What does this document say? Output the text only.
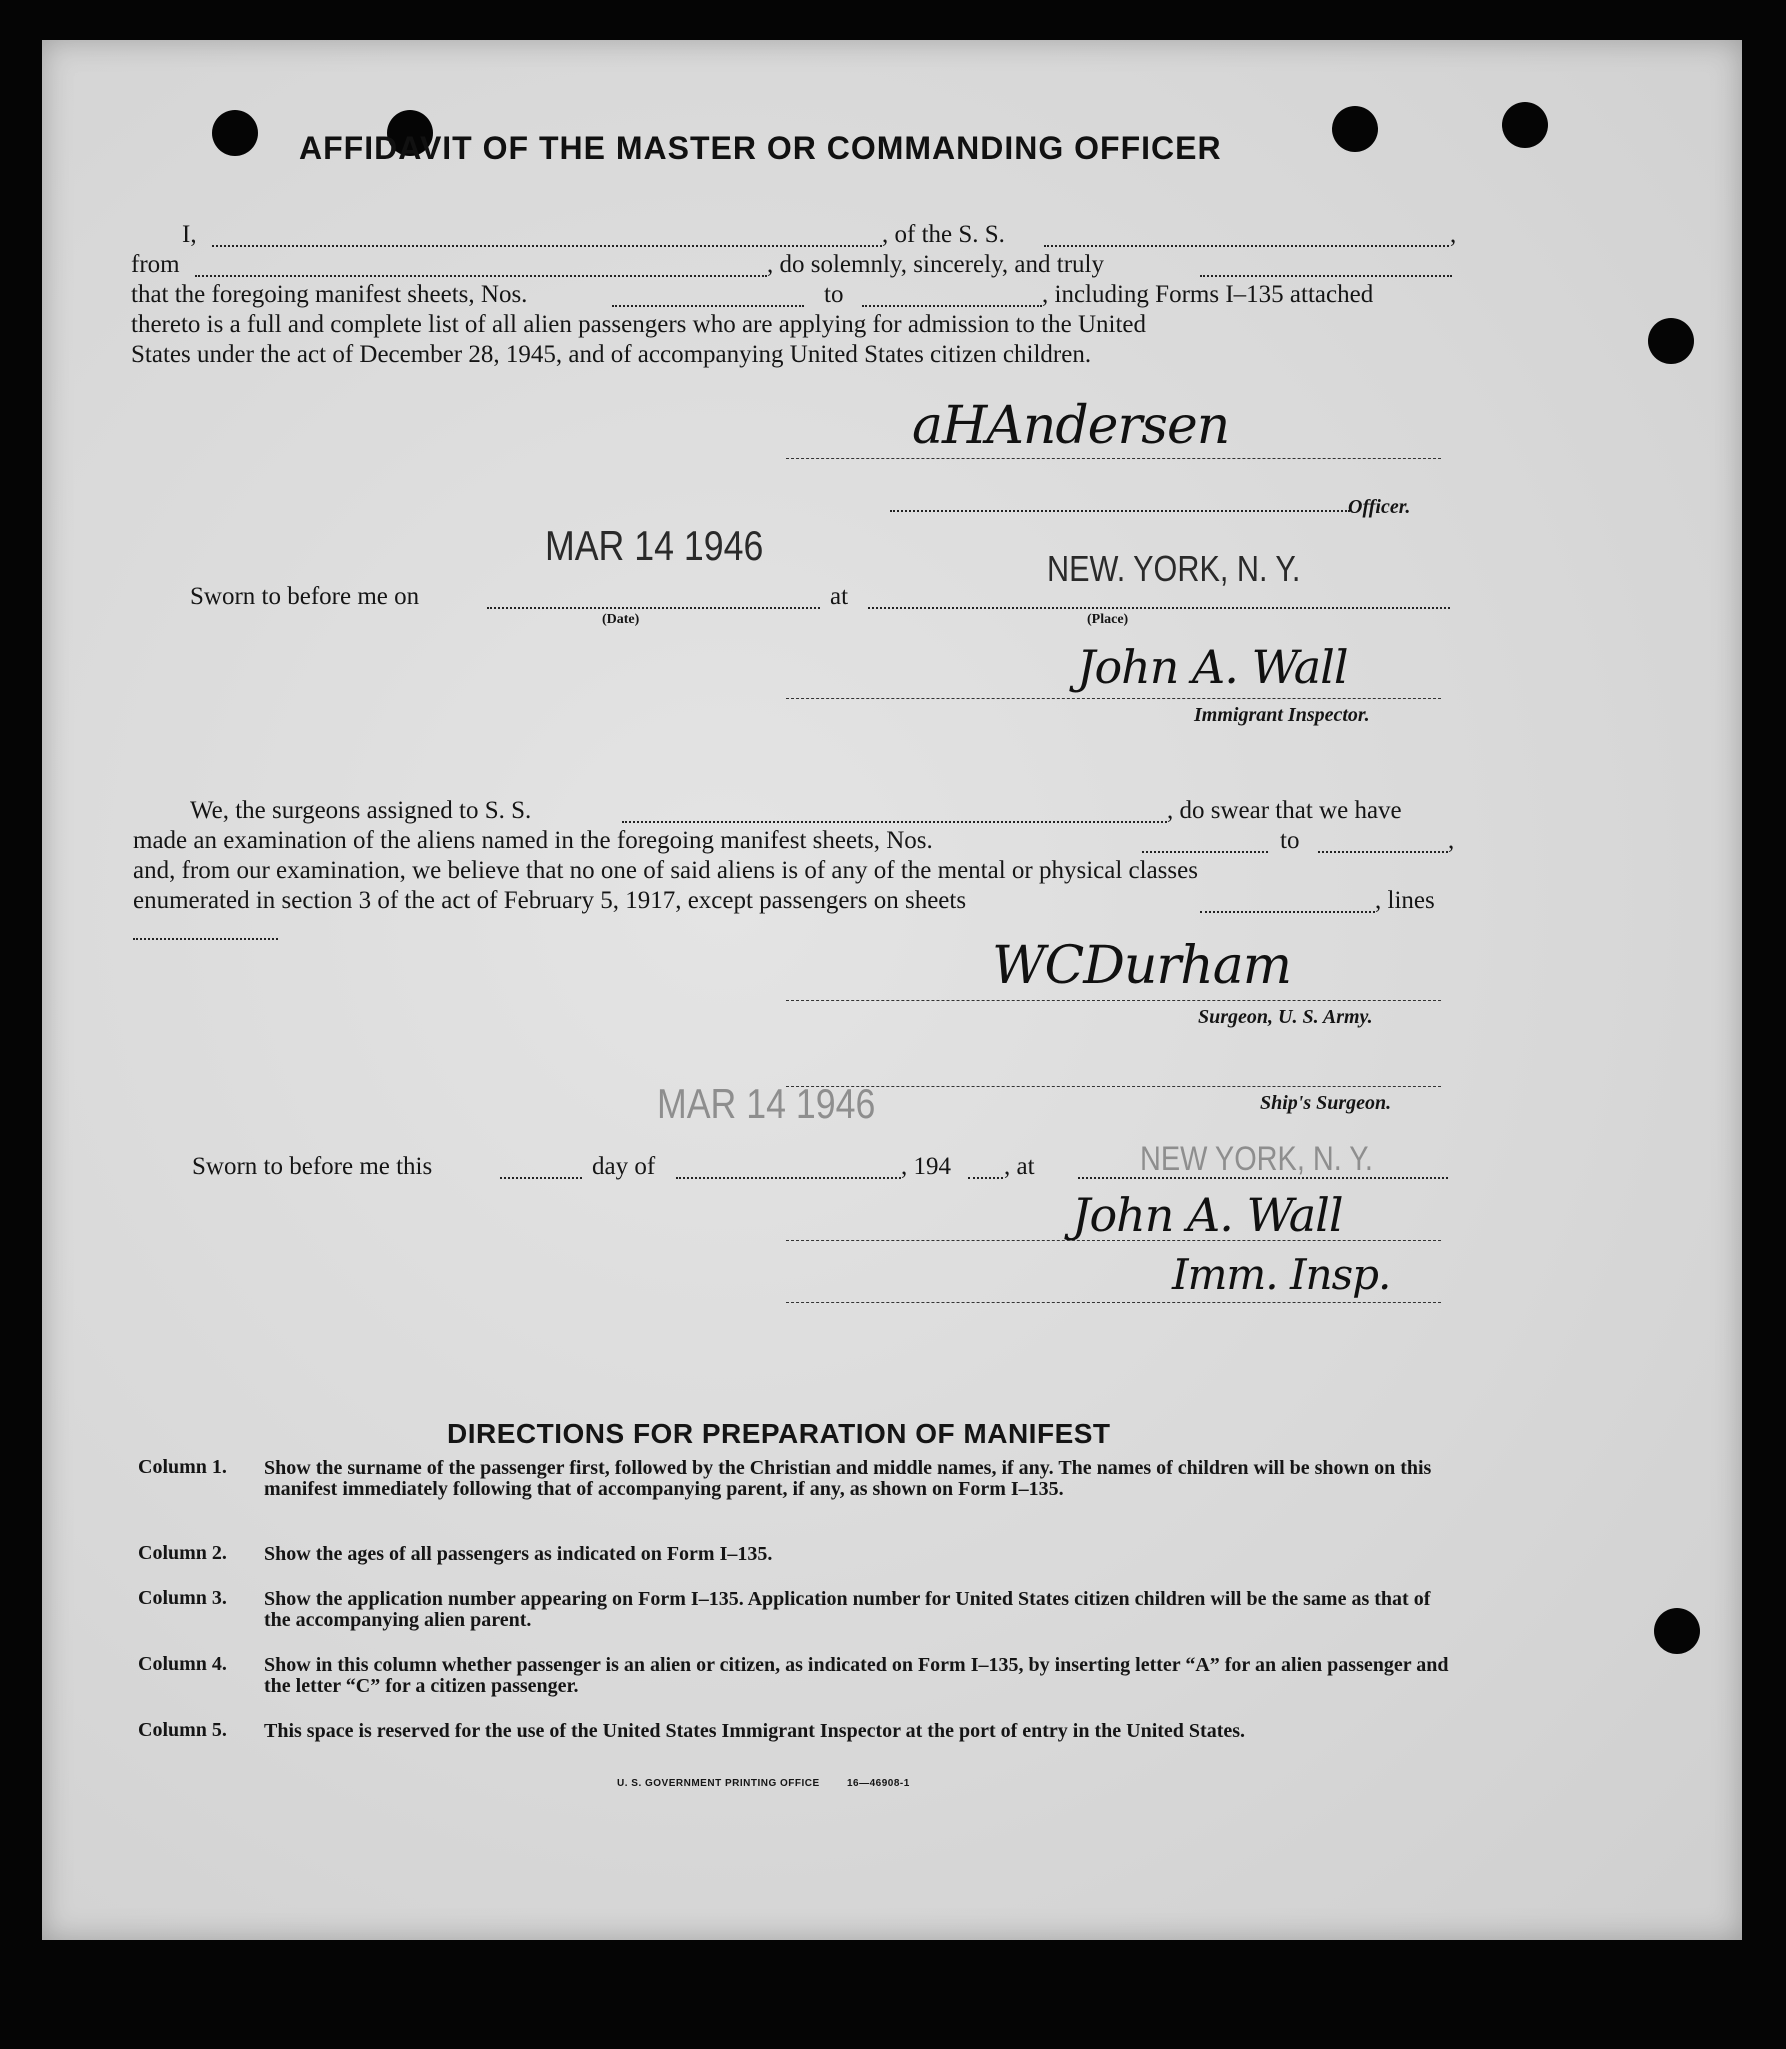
AFFIDAVIT OF THE MASTER OR COMMANDING OFFICER
I,	, of the S. S.	,
from	, do solemnly, sincerely, and truly
that the foregoing manifest sheets, Nos.	to	, including Forms I–135 attached
thereto is a full and complete list of all alien passengers who are applying for admission to the United
States under the act of December 28, 1945, and of accompanying United States citizen children.
aHAndersen
Officer.
MAR 14 1946	NEW. YORK, N. Y.
Sworn to before me on	at
(Date)	(Place)
John A. Wall
Immigrant Inspector.
We, the surgeons assigned to S. S.	, do swear that we have
made an examination of the aliens named in the foregoing manifest sheets, Nos.	to	,
and, from our examination, we believe that no one of said aliens is of any of the mental or physical classes
enumerated in section 3 of the act of February 5, 1917, except passengers on sheets	, lines
WCDurham
Surgeon, U. S. Army.
Ship's Surgeon.
MAR 14 1946
Sworn to before me this	day of	, 194 , at	NEW YORK, N. Y.
John A. Wall
Imm. Insp.
DIRECTIONS FOR PREPARATION OF MANIFEST
Column 1. Show the surname of the passenger first, followed by the Christian and middle names, if any. The names of children will be shown on this manifest immediately following that of accompanying parent, if any, as shown on Form I–135.
Column 2. Show the ages of all passengers as indicated on Form I–135.
Column 3. Show the application number appearing on Form I–135. Application number for United States citizen children will be the same as that of the accompanying alien parent.
Column 4. Show in this column whether passenger is an alien or citizen, as indicated on Form I–135, by inserting letter “A” for an alien passenger and the letter “C” for a citizen passenger.
Column 5. This space is reserved for the use of the United States Immigrant Inspector at the port of entry in the United States.
U. S. GOVERNMENT PRINTING OFFICE	16—46908-1
